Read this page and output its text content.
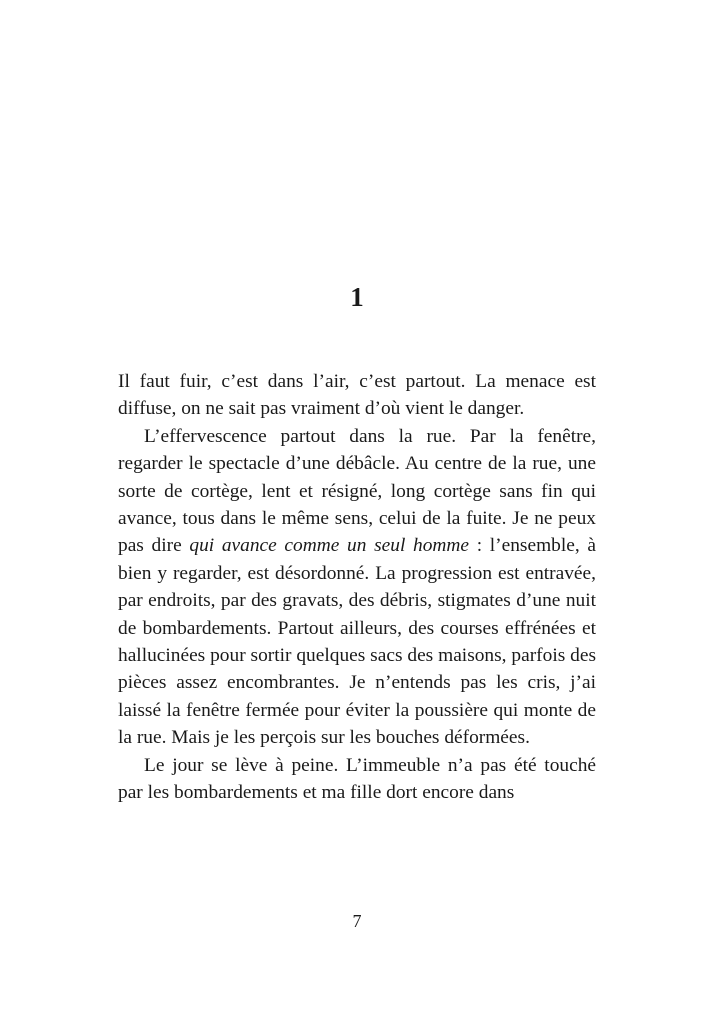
1

Il faut fuir, c’est dans l’air, c’est partout. La menace est diffuse, on ne sait pas vraiment d’où vient le danger.

L’effervescence partout dans la rue. Par la fenêtre, regarder le spectacle d’une débâcle. Au centre de la rue, une sorte de cortège, lent et résigné, long cortège sans fin qui avance, tous dans le même sens, celui de la fuite. Je ne peux pas dire qui avance comme un seul homme : l’ensemble, à bien y regarder, est désordonné. La progression est entravée, par endroits, par des gravats, des débris, stigmates d’une nuit de bombardements. Partout ailleurs, des courses effrénées et hallucinées pour sortir quelques sacs des maisons, parfois des pièces assez encombrantes. Je n’entends pas les cris, j’ai laissé la fenêtre fermée pour éviter la poussière qui monte de la rue. Mais je les perçois sur les bouches déformées.

Le jour se lève à peine. L’immeuble n’a pas été touché par les bombardements et ma fille dort encore dans

7
